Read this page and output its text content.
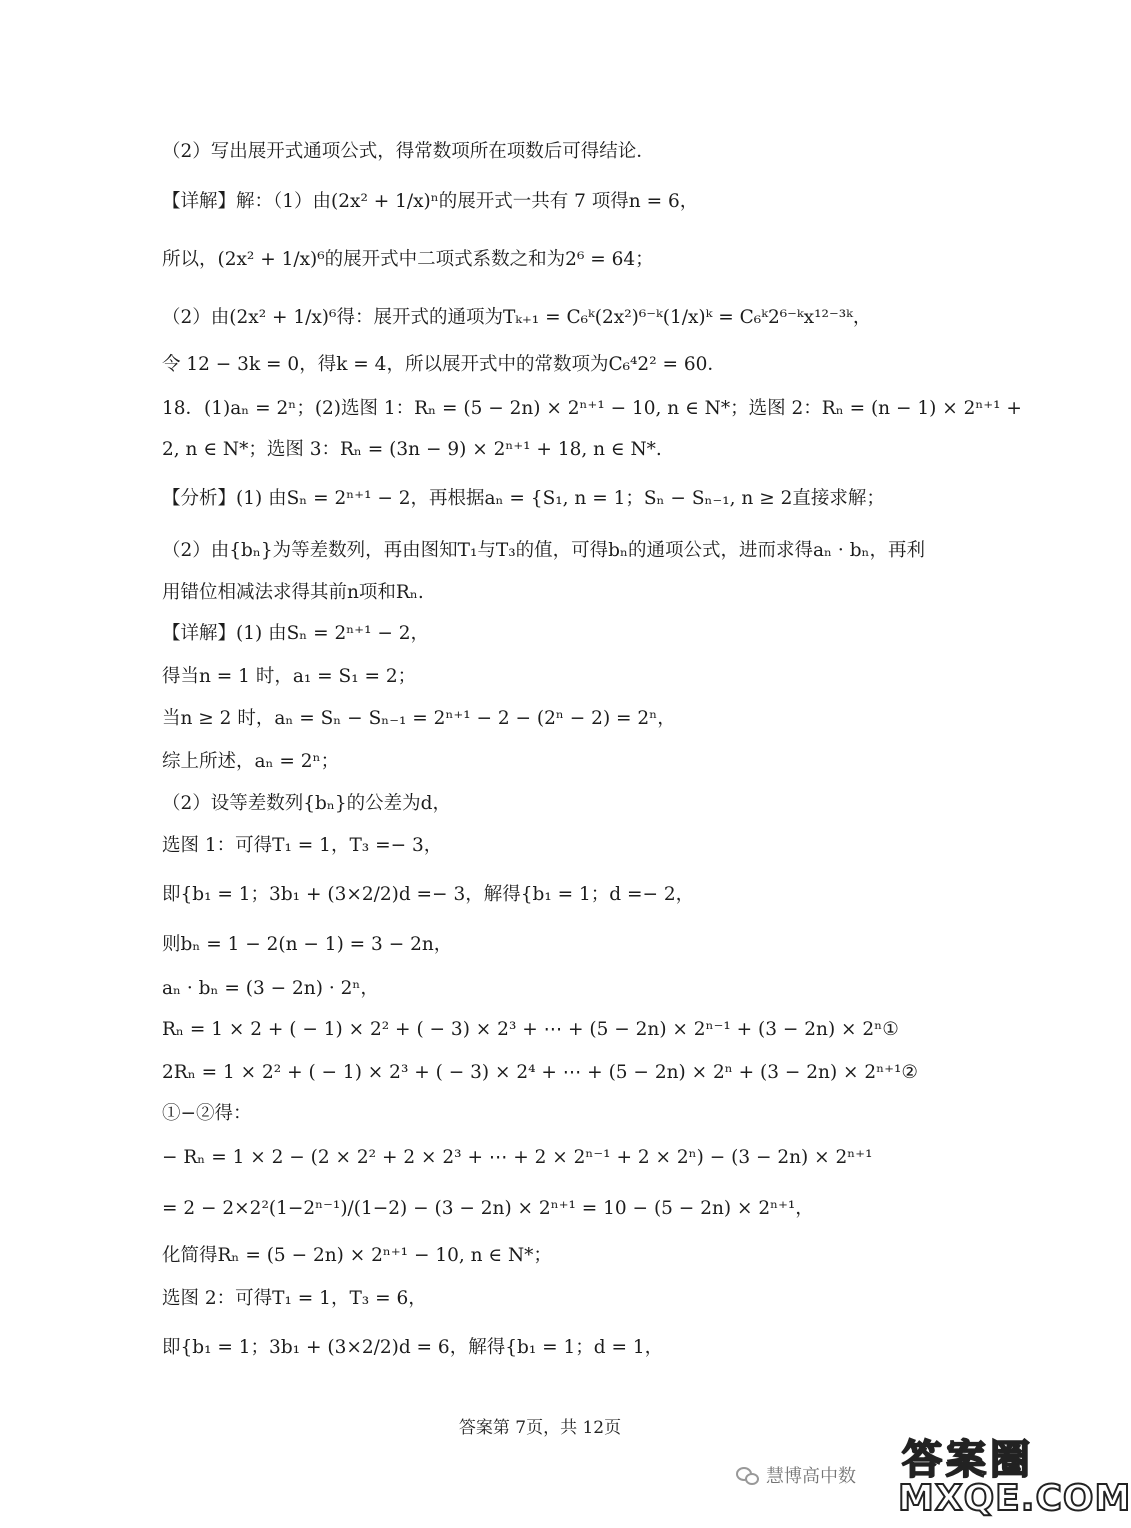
（2）写出展开式通项公式，得常数项所在项数后可得结论．
【详解】解：（1）由(2x² + 1/x)ⁿ的展开式一共有 7 项得n = 6，
所以，(2x² + 1/x)⁶的展开式中二项式系数之和为2⁶ = 64；
（2）由(2x² + 1/x)⁶得：展开式的通项为Tₖ₊₁ = C₆ᵏ(2x²)⁶⁻ᵏ(1/x)ᵏ = C₆ᵏ2⁶⁻ᵏx¹²⁻³ᵏ，
令 12 − 3k = 0，得k = 4，所以展开式中的常数项为C₆⁴2² = 60．
18．(1)aₙ = 2ⁿ；(2)选图 1：Rₙ = (5 − 2n) × 2ⁿ⁺¹ − 10, n ∈ N*；选图 2：Rₙ = (n − 1) × 2ⁿ⁺¹ +
2, n ∈ N*；选图 3：Rₙ = (3n − 9) × 2ⁿ⁺¹ + 18, n ∈ N*.
【分析】(1) 由Sₙ = 2ⁿ⁺¹ − 2，再根据aₙ = {S₁, n = 1；Sₙ − Sₙ₋₁, n ≥ 2直接求解；
（2）由{bₙ}为等差数列，再由图知T₁与T₃的值，可得bₙ的通项公式，进而求得aₙ · bₙ，再利
用错位相减法求得其前n项和Rₙ.
【详解】(1) 由Sₙ = 2ⁿ⁺¹ − 2，
得当n = 1 时，a₁ = S₁ = 2；
当n ≥ 2 时，aₙ = Sₙ − Sₙ₋₁ = 2ⁿ⁺¹ − 2 − (2ⁿ − 2) = 2ⁿ，
综上所述，aₙ = 2ⁿ；
（2）设等差数列{bₙ}的公差为d，
选图 1：可得T₁ = 1，T₃ =− 3，
即{b₁ = 1；3b₁ + (3×2/2)d =− 3，解得{b₁ = 1；d =− 2，
则bₙ = 1 − 2(n − 1) = 3 − 2n，
aₙ · bₙ = (3 − 2n) · 2ⁿ，
Rₙ = 1 × 2 + ( − 1) × 2² + ( − 3) × 2³ + ⋯ + (5 − 2n) × 2ⁿ⁻¹ + (3 − 2n) × 2ⁿ①
2Rₙ = 1 × 2² + ( − 1) × 2³ + ( − 3) × 2⁴ + ⋯ + (5 − 2n) × 2ⁿ + (3 − 2n) × 2ⁿ⁺¹②
①−②得：
− Rₙ = 1 × 2 − (2 × 2² + 2 × 2³ + ⋯ + 2 × 2ⁿ⁻¹ + 2 × 2ⁿ) − (3 − 2n) × 2ⁿ⁺¹
= 2 − 2×2²(1−2ⁿ⁻¹)/(1−2) − (3 − 2n) × 2ⁿ⁺¹ = 10 − (5 − 2n) × 2ⁿ⁺¹，
化简得Rₙ = (5 − 2n) × 2ⁿ⁺¹ − 10, n ∈ N*；
选图 2：可得T₁ = 1，T₃ = 6，
即{b₁ = 1；3b₁ + (3×2/2)d = 6，解得{b₁ = 1；d = 1，
答案第 7页，共 12页
慧博高中数 答案圈
MXQE.COM
